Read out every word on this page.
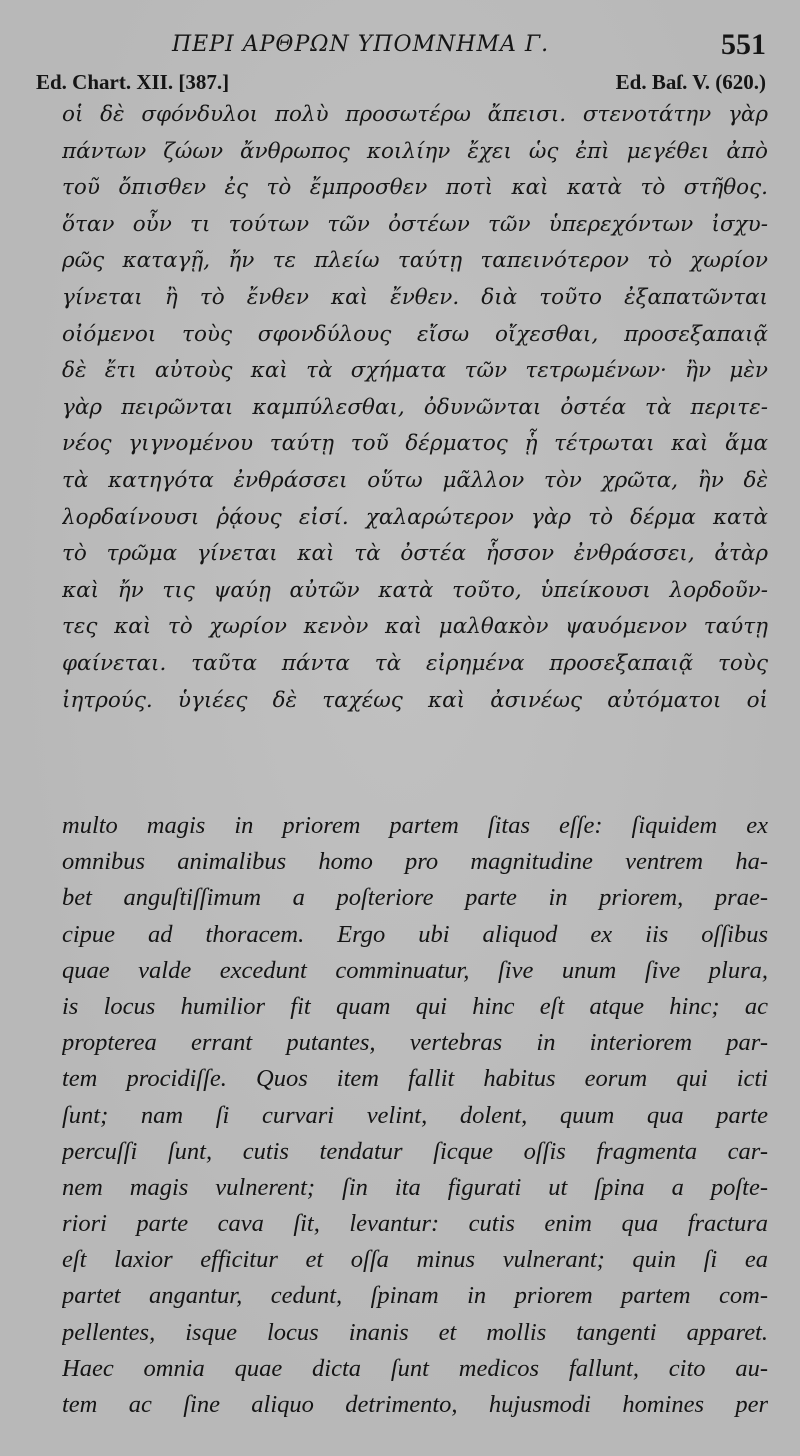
ΠΕΡΙ ΑΡΘΡΩΝ ΥΠΟΜΝΗΜΑ Γ.	551
Ed. Chart. XII. [387.]	Ed. Baſ. V. (620.)
οἱ δὲ σφόνδυλοι πολὺ προσωτέρω ἄπεισι. στενοτάτην γὰρ
πάντων ζώων ἄνθρωπος κοιλίην ἔχει ὡς ἐπὶ μεγέθει ἀπὸ
τοῦ ὄπισθεν ἐς τὸ ἔμπροσθεν ποτὶ καὶ κατὰ τὸ στῆθος.
ὅταν οὖν τι τούτων τῶν ὀστέων τῶν ὑπερεχόντων ἰσχυ-
ρῶς καταγῇ, ἤν τε πλείω ταύτῃ ταπεινότερον τὸ χωρίον
γίνεται ἢ τὸ ἔνθεν καὶ ἔνθεν. διὰ τοῦτο ἐξαπατῶνται
οἰόμενοι τοὺς σφονδύλους εἴσω οἴχεσθαι, προσεξαπαιᾷ
δὲ ἔτι αὐτοὺς καὶ τὰ σχήματα τῶν τετρωμένων· ἢν μὲν
γὰρ πειρῶνται καμπύλεσθαι, ὀδυνῶνται ὀστέα τὰ περιτε-
νέος γιγνομένου ταύτῃ τοῦ δέρματος ᾗ τέτρωται καὶ ἅμα
τὰ κατηγότα ἐνθράσσει οὕτω μᾶλλον τὸν χρῶτα, ἢν δὲ
λορδαίνουσι ῥᾴους εἰσί. χαλαρώτερον γὰρ τὸ δέρμα κατὰ
τὸ τρῶμα γίνεται καὶ τὰ ὀστέα ἧσσον ἐνθράσσει, ἀτὰρ
καὶ ἤν τις ψαύῃ αὐτῶν κατὰ τοῦτο, ὑπείκουσι λορδοῦν-
τες καὶ τὸ χωρίον κενὸν καὶ μαλθακὸν ψαυόμενον ταύτῃ
φαίνεται. ταῦτα πάντα τὰ εἰρημένα προσεξαπαιᾷ τοὺς
ἰητρούς. ὑγιέες δὲ ταχέως καὶ ἀσινέως αὐτόματοι οἱ
multo magis in priorem partem ſitas eſſe: ſiquidem ex
omnibus animalibus homo pro magnitudine ventrem ha-
bet anguſtiſſimum a poſteriore parte in priorem, prae-
cipue ad thoracem. Ergo ubi aliquod ex iis oſſibus
quae valde excedunt comminuatur, ſive unum ſive plura,
is locus humilior fit quam qui hinc eſt atque hinc; ac
propterea errant putantes, vertebras in interiorem par-
tem procidiſſe. Quos item fallit habitus eorum qui icti
ſunt; nam ſi curvari velint, dolent, quum qua parte
percuſſi ſunt, cutis tendatur ſicque oſſis fragmenta car-
nem magis vulnerent; ſin ita figurati ut ſpina a poſte-
riori parte cava ſit, levantur: cutis enim qua fractura
eſt laxior efficitur et oſſa minus vulnerant; quin ſi ea
partet angantur, cedunt, ſpinam in priorem partem com-
pellentes, isque locus inanis et mollis tangenti apparet.
Haec omnia quae dicta ſunt medicos fallunt, cito au-
tem ac ſine aliquo detrimento, hujusmodi homines per
